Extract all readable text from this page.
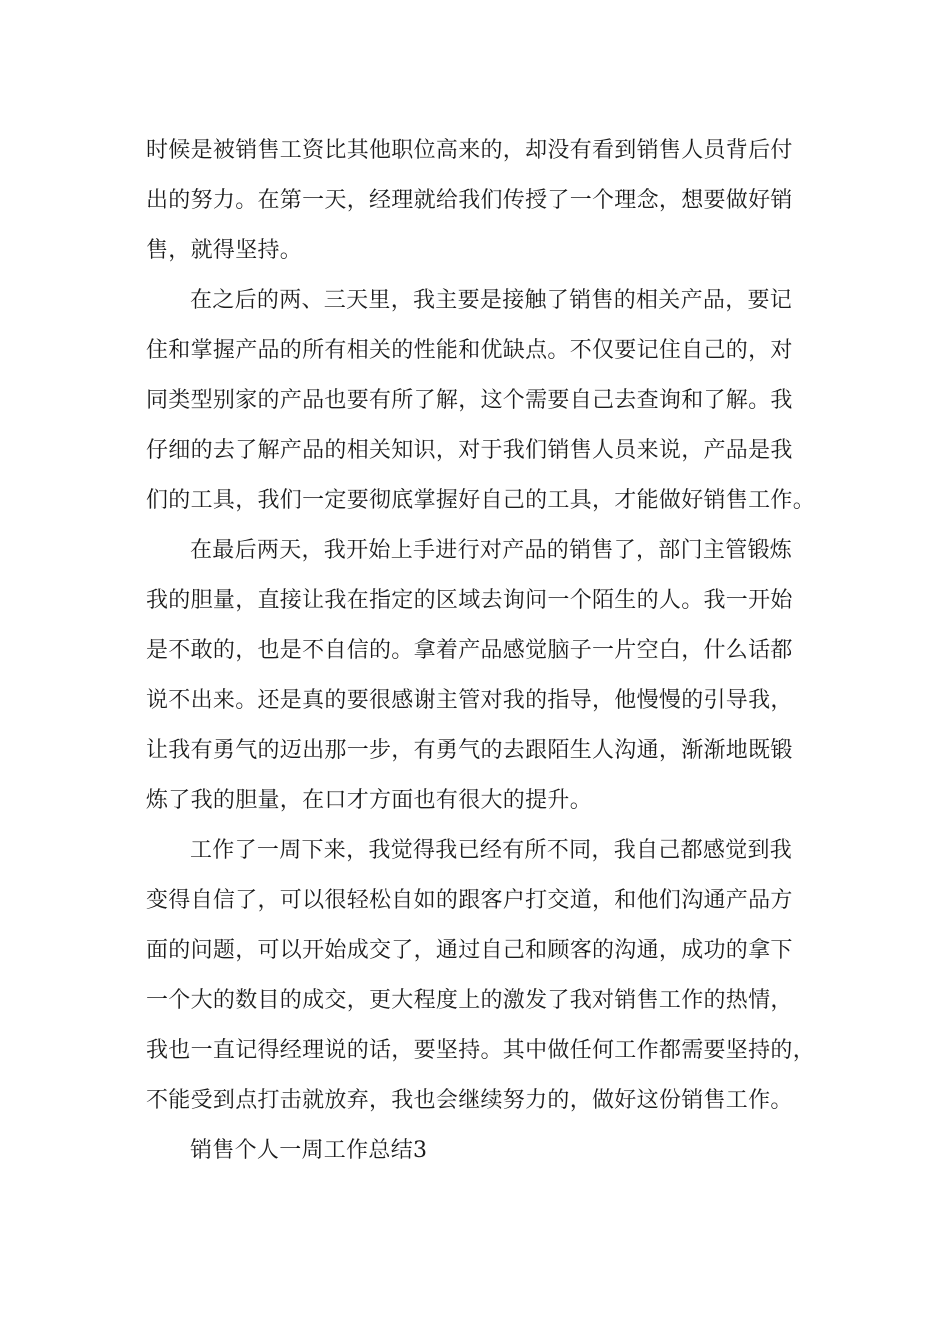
时候是被销售工资比其他职位高来的，却没有看到销售人员背后付
出的努力。在第一天，经理就给我们传授了一个理念，想要做好销
售，就得坚持。
在之后的两、三天里，我主要是接触了销售的相关产品，要记
住和掌握产品的所有相关的性能和优缺点。不仅要记住自己的，对
同类型别家的产品也要有所了解，这个需要自己去查询和了解。我
仔细的去了解产品的相关知识，对于我们销售人员来说，产品是我
们的工具，我们一定要彻底掌握好自己的工具，才能做好销售工作。
在最后两天，我开始上手进行对产品的销售了，部门主管锻炼
我的胆量，直接让我在指定的区域去询问一个陌生的人。我一开始
是不敢的，也是不自信的。拿着产品感觉脑子一片空白，什么话都
说不出来。还是真的要很感谢主管对我的指导，他慢慢的引导我，
让我有勇气的迈出那一步，有勇气的去跟陌生人沟通，渐渐地既锻
炼了我的胆量，在口才方面也有很大的提升。
工作了一周下来，我觉得我已经有所不同，我自己都感觉到我
变得自信了，可以很轻松自如的跟客户打交道，和他们沟通产品方
面的问题，可以开始成交了，通过自己和顾客的沟通，成功的拿下
一个大的数目的成交，更大程度上的激发了我对销售工作的热情，
我也一直记得经理说的话，要坚持。其中做任何工作都需要坚持的，
不能受到点打击就放弃，我也会继续努力的，做好这份销售工作。
销售个人一周工作总结3
